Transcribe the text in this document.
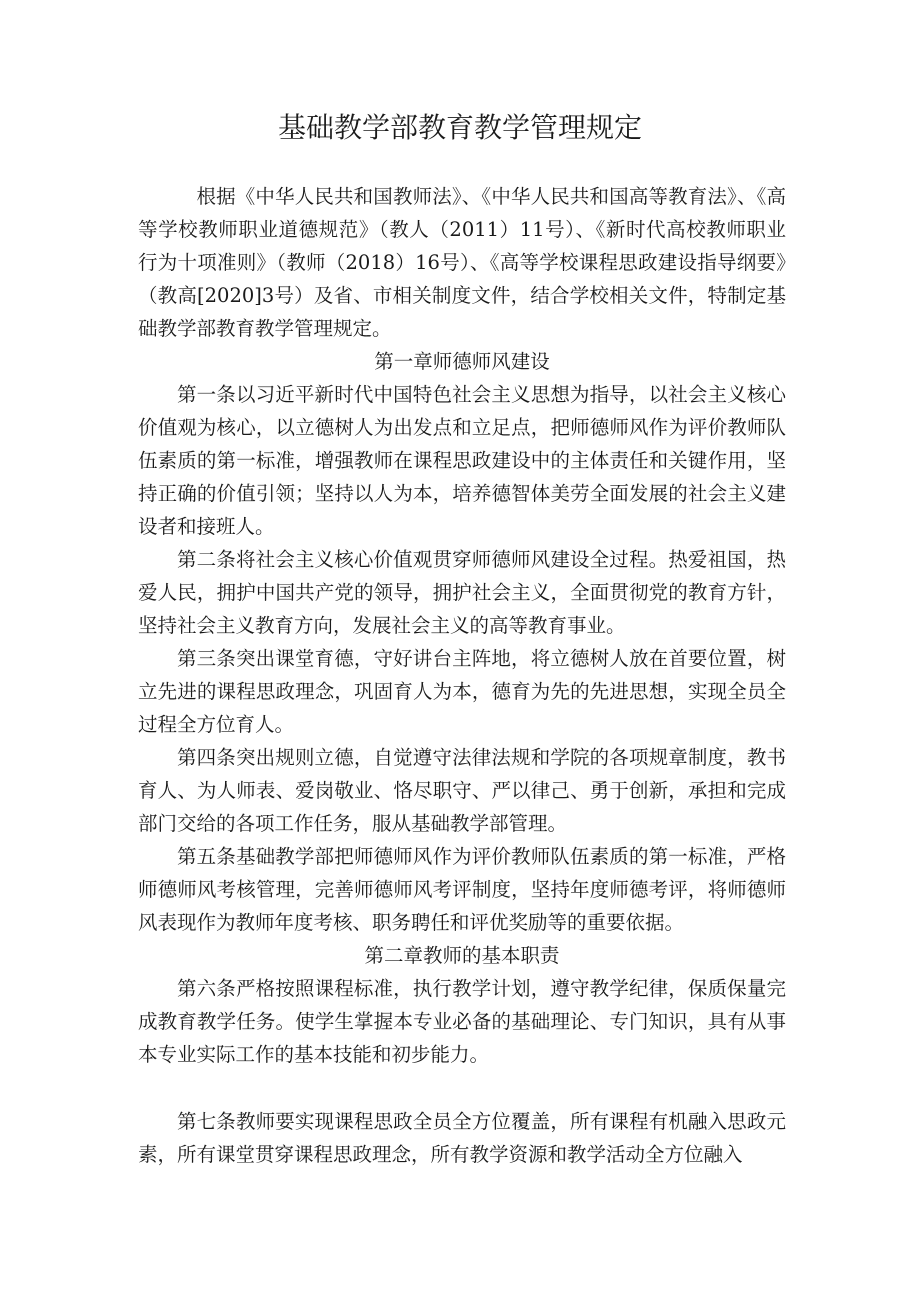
基础教学部教育教学管理规定

根据《中华人民共和国教师法》、《中华人民共和国高等教育法》、《高等学校教师职业道德规范》（教人（2011）11号）、《新时代高校教师职业行为十项准则》（教师（2018）16号）、《高等学校课程思政建设指导纲要》（教高[2020]3号）及省、市相关制度文件，结合学校相关文件，特制定基础教学部教育教学管理规定。

第一章师德师风建设

第一条以习近平新时代中国特色社会主义思想为指导，以社会主义核心价值观为核心，以立德树人为出发点和立足点，把师德师风作为评价教师队伍素质的第一标准，增强教师在课程思政建设中的主体责任和关键作用，坚持正确的价值引领；坚持以人为本，培养德智体美劳全面发展的社会主义建设者和接班人。

第二条将社会主义核心价值观贯穿师德师风建设全过程。热爱祖国，热爱人民，拥护中国共产党的领导，拥护社会主义，全面贯彻党的教育方针，坚持社会主义教育方向，发展社会主义的高等教育事业。

第三条突出课堂育德，守好讲台主阵地，将立德树人放在首要位置，树立先进的课程思政理念，巩固育人为本，德育为先的先进思想，实现全员全过程全方位育人。

第四条突出规则立德，自觉遵守法律法规和学院的各项规章制度，教书育人、为人师表、爱岗敬业、恪尽职守、严以律己、勇于创新，承担和完成部门交给的各项工作任务，服从基础教学部管理。

第五条基础教学部把师德师风作为评价教师队伍素质的第一标准，严格师德师风考核管理，完善师德师风考评制度，坚持年度师德考评，将师德师风表现作为教师年度考核、职务聘任和评优奖励等的重要依据。

第二章教师的基本职责

第六条严格按照课程标准，执行教学计划，遵守教学纪律，保质保量完成教育教学任务。使学生掌握本专业必备的基础理论、专门知识，具有从事本专业实际工作的基本技能和初步能力。

第七条教师要实现课程思政全员全方位覆盖，所有课程有机融入思政元素，所有课堂贯穿课程思政理念，所有教学资源和教学活动全方位融入
